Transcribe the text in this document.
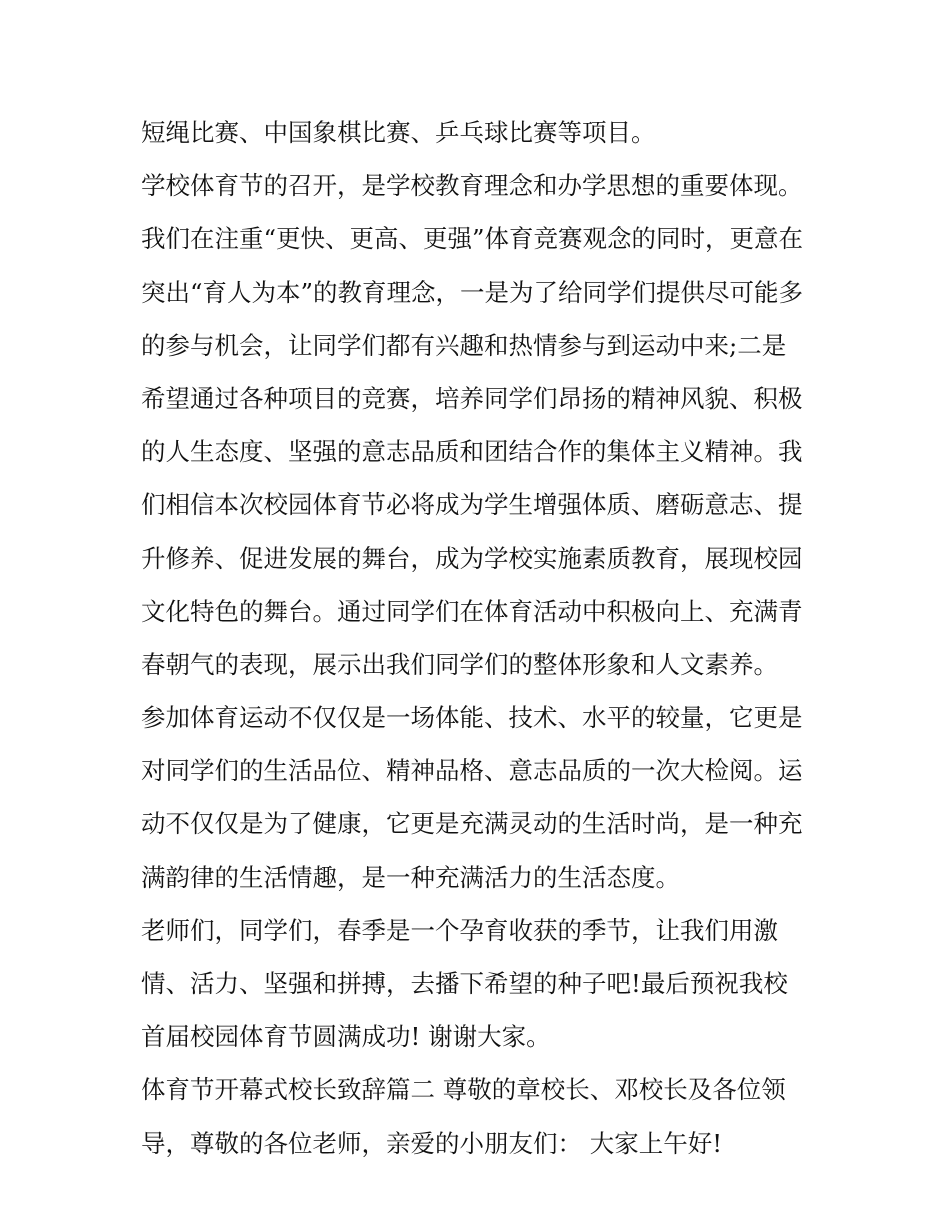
短绳比赛、中国象棋比赛、乒乓球比赛等项目。
学校体育节的召开，是学校教育理念和办学思想的重要体现。
我们在注重“更快、更高、更强”体育竞赛观念的同时，更意在
突出“育人为本”的教育理念，一是为了给同学们提供尽可能多
的参与机会，让同学们都有兴趣和热情参与到运动中来;二是
希望通过各种项目的竞赛，培养同学们昂扬的精神风貌、积极
的人生态度、坚强的意志品质和团结合作的集体主义精神。我
们相信本次校园体育节必将成为学生增强体质、磨砺意志、提
升修养、促进发展的舞台，成为学校实施素质教育，展现校园
文化特色的舞台。通过同学们在体育活动中积极向上、充满青
春朝气的表现，展示出我们同学们的整体形象和人文素养。
参加体育运动不仅仅是一场体能、技术、水平的较量，它更是
对同学们的生活品位、精神品格、意志品质的一次大检阅。运
动不仅仅是为了健康，它更是充满灵动的生活时尚，是一种充
满韵律的生活情趣，是一种充满活力的生活态度。
老师们，同学们，春季是一个孕育收获的季节，让我们用激
情、活力、坚强和拼搏，去播下希望的种子吧!最后预祝我校
首届校园体育节圆满成功! 谢谢大家。
体育节开幕式校长致辞篇二 尊敬的章校长、邓校长及各位领
导，尊敬的各位老师，亲爱的小朋友们： 大家上午好!
